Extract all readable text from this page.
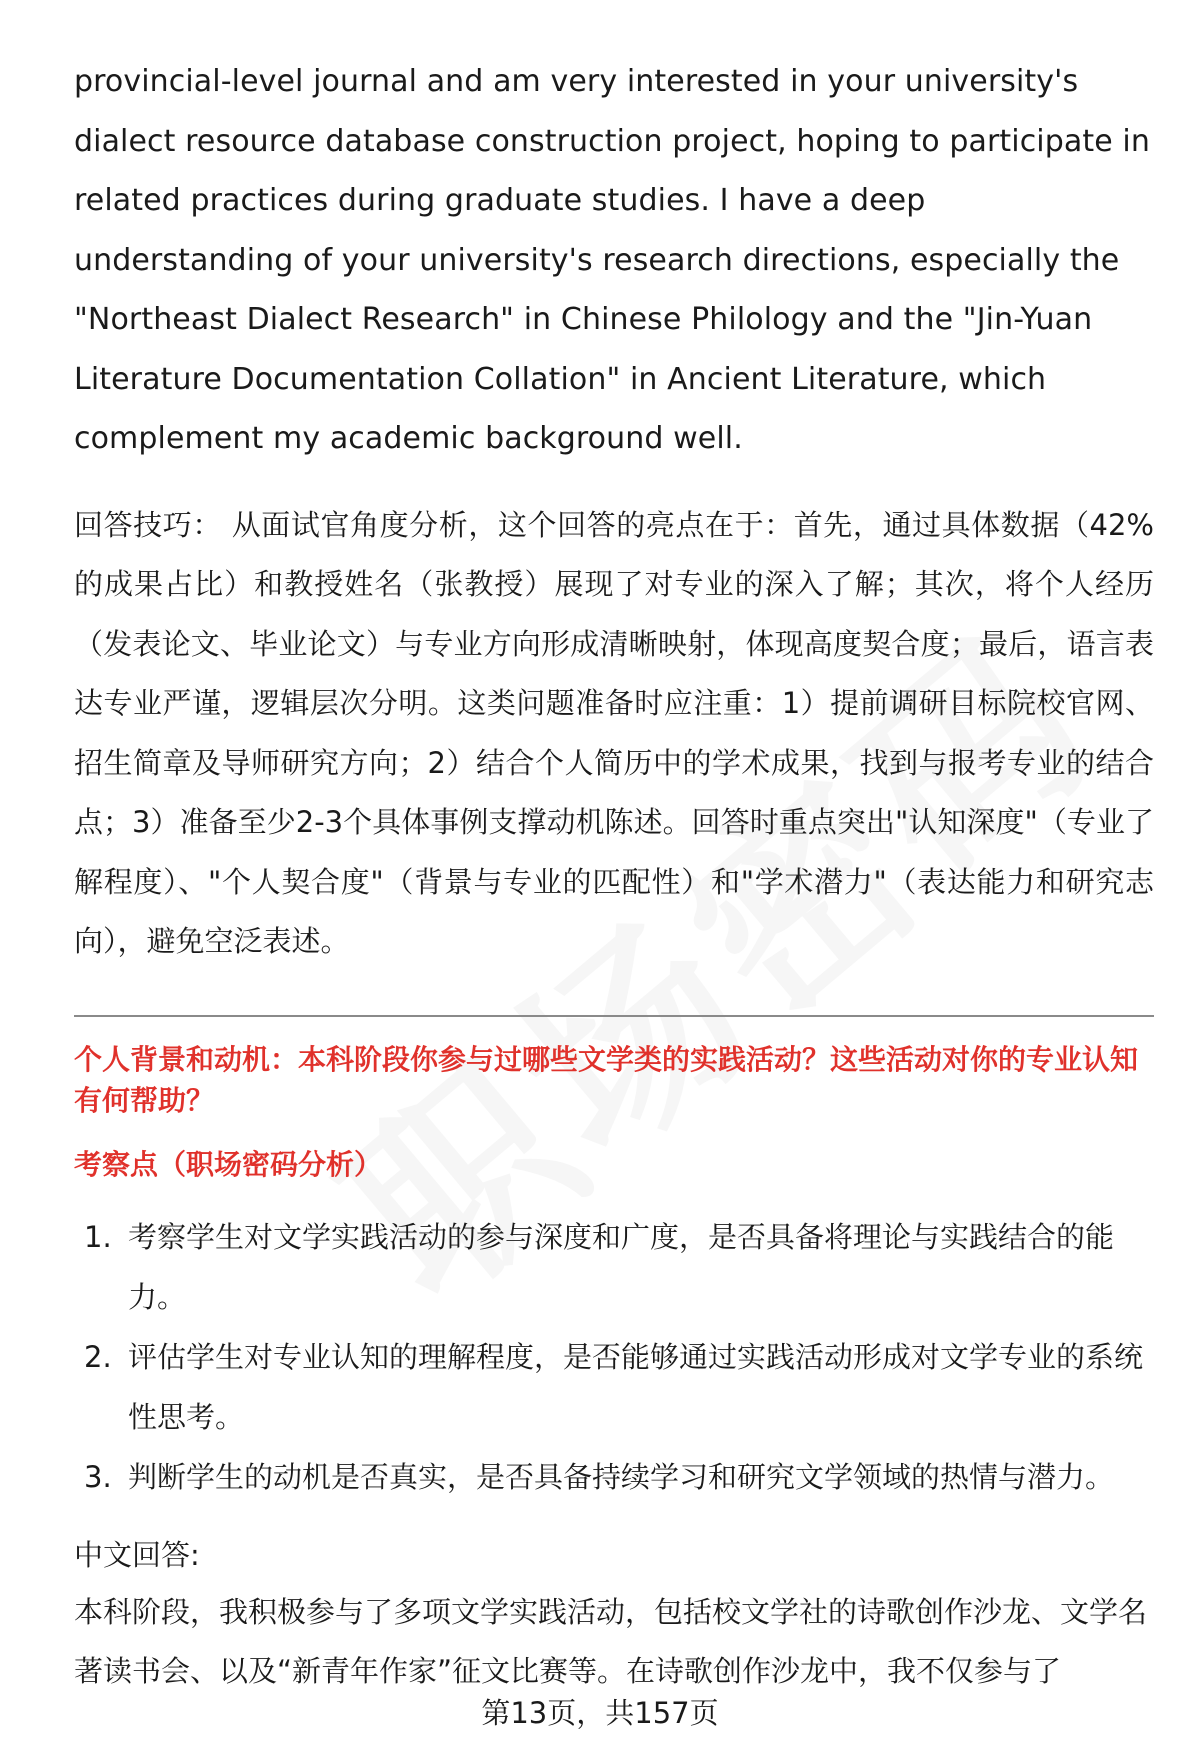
provincial-level journal and am very interested in your university's dialect resource database construction project, hoping to participate in related practices during graduate studies. I have a deep understanding of your university's research directions, especially the "Northeast Dialect Research" in Chinese Philology and the "Jin-Yuan Literature Documentation Collation" in Ancient Literature, which complement my academic background well.

回答技巧： 从面试官角度分析，这个回答的亮点在于：首先，通过具体数据（42%的成果占比）和教授姓名（张教授）展现了对专业的深入了解；其次，将个人经历（发表论文、毕业论文）与专业方向形成清晰映射，体现高度契合度；最后，语言表达专业严谨，逻辑层次分明。这类问题准备时应注重：1）提前调研目标院校官网、招生简章及导师研究方向；2）结合个人简历中的学术成果，找到与报考专业的结合点；3）准备至少2-3个具体事例支撑动机陈述。回答时重点突出"认知深度"（专业了解程度）、"个人契合度"（背景与专业的匹配性）和"学术潜力"（表达能力和研究志向），避免空泛表述。

个人背景和动机：本科阶段你参与过哪些文学类的实践活动？这些活动对你的专业认知有何帮助？
考察点（职场密码分析）
1. 考察学生对文学实践活动的参与深度和广度，是否具备将理论与实践结合的能力。
2. 评估学生对专业认知的理解程度，是否能够通过实践活动形成对文学专业的系统性思考。
3. 判断学生的动机是否真实，是否具备持续学习和研究文学领域的热情与潜力。
中文回答:

本科阶段，我积极参与了多项文学实践活动，包括校文学社的诗歌创作沙龙、文学名著读书会、以及“新青年作家”征文比赛等。在诗歌创作沙龙中，我不仅参与了

第13页，共157页
